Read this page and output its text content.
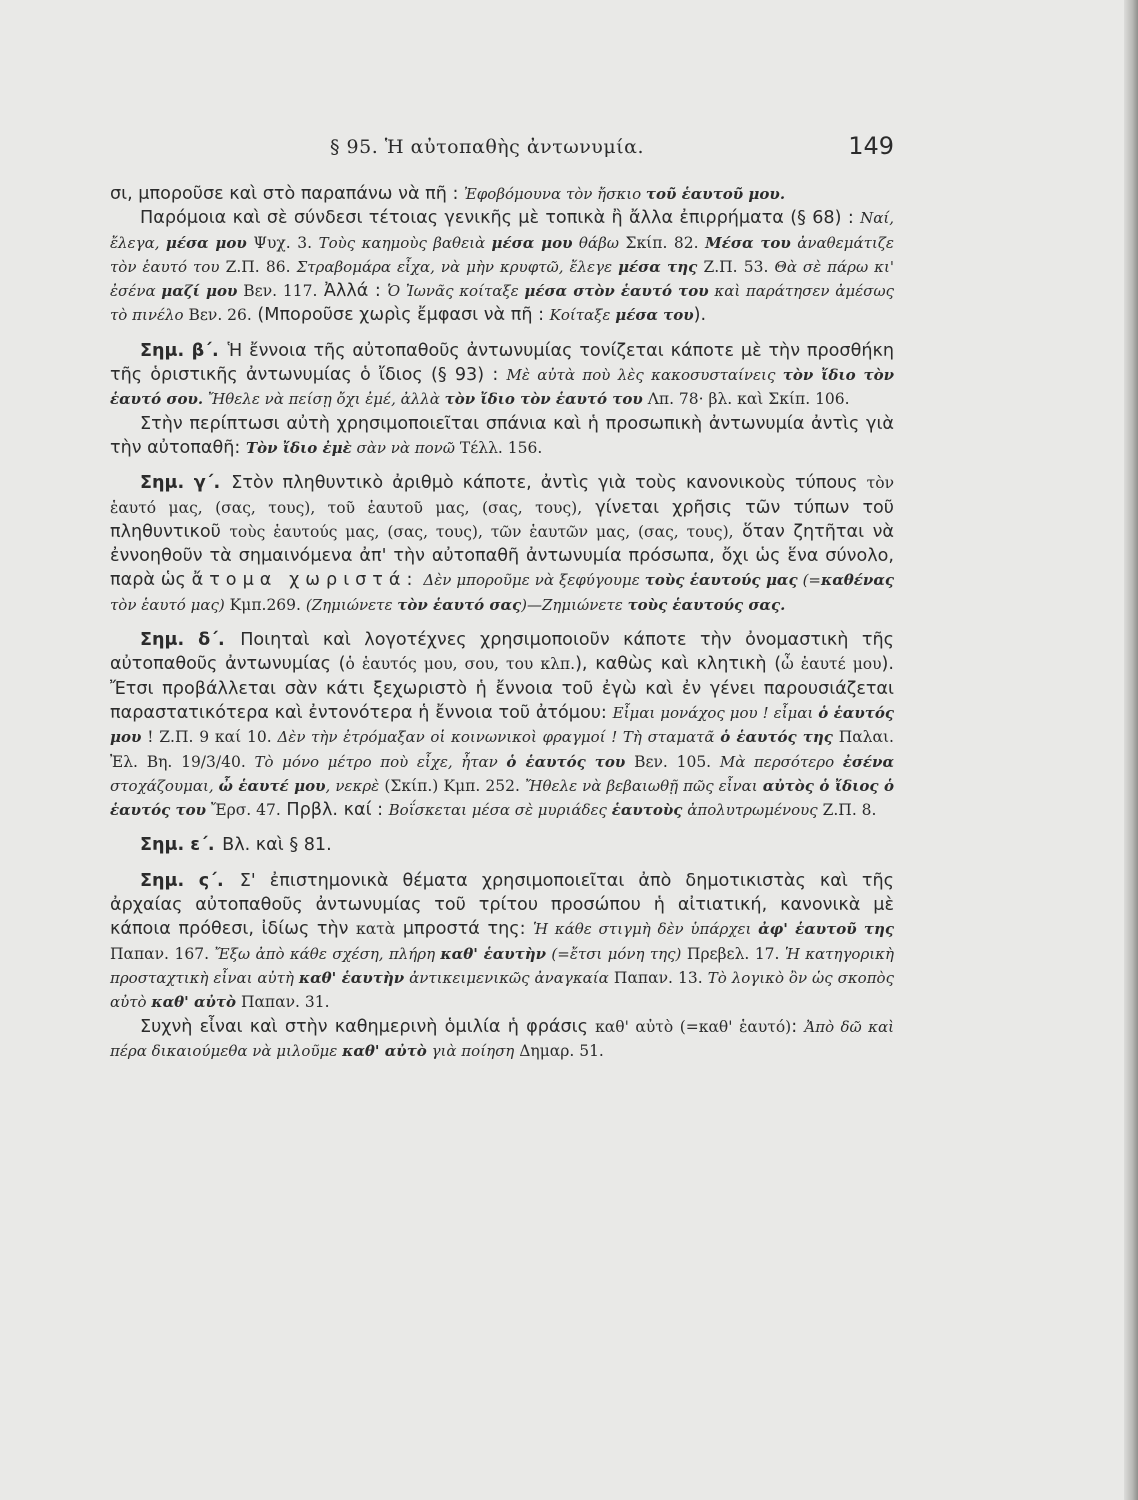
§ 95. Ἡ αὐτοπαθὴς ἀντωνυμία.	149

σι, μποροῦσε καὶ στὸ παραπάνω νὰ πῆ : Ἐφοβόμουνα τὸν ἤσκιο τοῦ ἑαυτοῦ μου.

Παρόμοια καὶ σὲ σύνδεσι τέτοιας γενικῆς μὲ τοπικὰ ἢ ἄλλα ἐπιρρήματα (§ 68) : Ναί, ἔλεγα, μέσα μου Ψυχ. 3. Τοὺς καημοὺς βαθειὰ μέσα μου θάβω Σκίπ. 82. Μέσα του ἀναθεμάτιζε τὸν ἑαυτό του Ζ.Π. 86. Στραβομάρα εἶχα, νὰ μὴν κρυφτῶ, ἔλεγε μέσα της Ζ.Π. 53. Θὰ σὲ πάρω κι' ἐσένα μαζί μου Βεν. 117. Ἀλλά : Ὁ Ἰωνᾶς κοίταξε μέσα στὸν ἑαυτό του καὶ παράτησεν ἀμέσως τὸ πινέλο Βεν. 26. (Μποροῦσε χωρὶς ἔμφασι νὰ πῆ : Κοίταξε μέσα του).

Σημ. β΄. Ἡ ἔννοια τῆς αὐτοπαθοῦς ἀντωνυμίας τονίζεται κάποτε μὲ τὴν προσθήκη τῆς ὁριστικῆς ἀντωνυμίας ὁ ἴδιος (§ 93) : Μὲ αὐτὰ ποὺ λὲς κακοσυσταίνεις τὸν ἴδιο τὸν ἑαυτό σου. Ἤθελε νὰ πείσῃ ὄχι ἐμέ, ἀλλὰ τὸν ἴδιο τὸν ἑαυτό του Λπ. 78· βλ. καὶ Σκίπ. 106.

Στὴν περίπτωσι αὐτὴ χρησιμοποιεῖται σπάνια καὶ ἡ προσωπικὴ ἀντωνυμία ἀντὶς γιὰ τὴν αὐτοπαθῆ: Τὸν ἴδιο ἐμὲ σὰν νὰ πονῶ Τέλλ. 156.

Σημ. γ΄. Στὸν πληθυντικὸ ἀριθμὸ κάποτε, ἀντὶς γιὰ τοὺς κανονικοὺς τύπους τὸν ἑαυτό μας, (σας, τους), τοῦ ἑαυτοῦ μας, (σας, τους), γίνεται χρῆσις τῶν τύπων τοῦ πληθυντικοῦ τοὺς ἑαυτούς μας, (σας, τους), τῶν ἑαυτῶν μας, (σας, τους), ὅταν ζητῆται νὰ ἐννοηθοῦν τὰ σημαινόμενα ἀπ' τὴν αὐτοπαθῆ ἀντωνυμία πρόσωπα, ὄχι ὡς ἕνα σύνολο, παρὰ ὡς ἄτομα χωριστά: Δὲν μποροῦμε νὰ ξεφύγουμε τοὺς ἑαυτούς μας (=καθένας τὸν ἑαυτό μας) Κμπ.269. (Ζημιώνετε τὸν ἑαυτό σας)—Ζημιώνετε τοὺς ἑαυτούς σας.

Σημ. δ΄. Ποιηταὶ καὶ λογοτέχνες χρησιμοποιοῦν κάποτε τὴν ὀνομαστικὴ τῆς αὐτοπαθοῦς ἀντωνυμίας (ὁ ἑαυτός μου, σου, του κλπ.), καθὼς καὶ κλητικὴ (ὦ ἑαυτέ μου). Ἔτσι προβάλλεται σὰν κάτι ξεχωριστὸ ἡ ἔννοια τοῦ ἐγὼ καὶ ἐν γένει παρουσιάζεται παραστατικότερα καὶ ἐντονότερα ἡ ἔννοια τοῦ ἀτόμου: Εἶμαι μονάχος μου ! εἶμαι ὁ ἑαυτός μου ! Ζ.Π. 9 καί 10. Δὲν τὴν ἐτρόμαξαν οἱ κοινωνικοὶ φραγμοί ! Τὴ σταματᾶ ὁ ἑαυτός της Παλαι. Ἐλ. Βη. 19/3/40. Τὸ μόνο μέτρο ποὺ εἶχε, ἦταν ὁ ἑαυτός του Βεν. 105. Μὰ περσότερο ἐσένα στοχάζουμαι, ὦ ἑαυτέ μου, νεκρὲ (Σκίπ.) Κμπ. 252. Ἤθελε νὰ βεβαιωθῇ πῶς εἶναι αὐτὸς ὁ ἴδιος ὁ ἑαυτός του Ἔρσ. 47. Πρβλ. καί : Βοΐσκεται μέσα σὲ μυριάδες ἑαυτοὺς ἀπολυτρωμένους Ζ.Π. 8.

Σημ. ε΄. Βλ. καὶ § 81.

Σημ. ς΄. Σ' ἐπιστημονικὰ θέματα χρησιμοποιεῖται ἀπὸ δημοτικιστὰς καὶ τῆς ἀρχαίας αὐτοπαθοῦς ἀντωνυμίας τοῦ τρίτου προσώπου ἡ αἰτιατική, κανονικὰ μὲ κάποια πρόθεσι, ἰδίως τὴν κατὰ μπροστά της: Ἡ κάθε στιγμὴ δὲν ὑπάρχει ἀφ' ἑαυτοῦ της Παπαν. 167. Ἔξω ἀπὸ κάθε σχέση, πλήρη καθ' ἑαυτὴν (=ἔτσι μόνη της) Πρεβελ. 17. Ἡ κατηγορικὴ προσταχτικὴ εἶναι αὐτὴ καθ' ἑαυτὴν ἀντικειμενικῶς ἀναγκαία Παπαν. 13. Τὸ λογικὸ ὂν ὡς σκοπὸς αὐτὸ καθ' αὐτὸ Παπαν. 31.

Συχνὴ εἶναι καὶ στὴν καθημερινὴ ὁμιλία ἡ φράσις καθ' αὐτὸ (=καθ' ἑαυτό): Ἀπὸ δῶ καὶ πέρα δικαιούμεθα νὰ μιλοῦμε καθ' αὐτὸ γιὰ ποίηση Δημαρ. 51.
